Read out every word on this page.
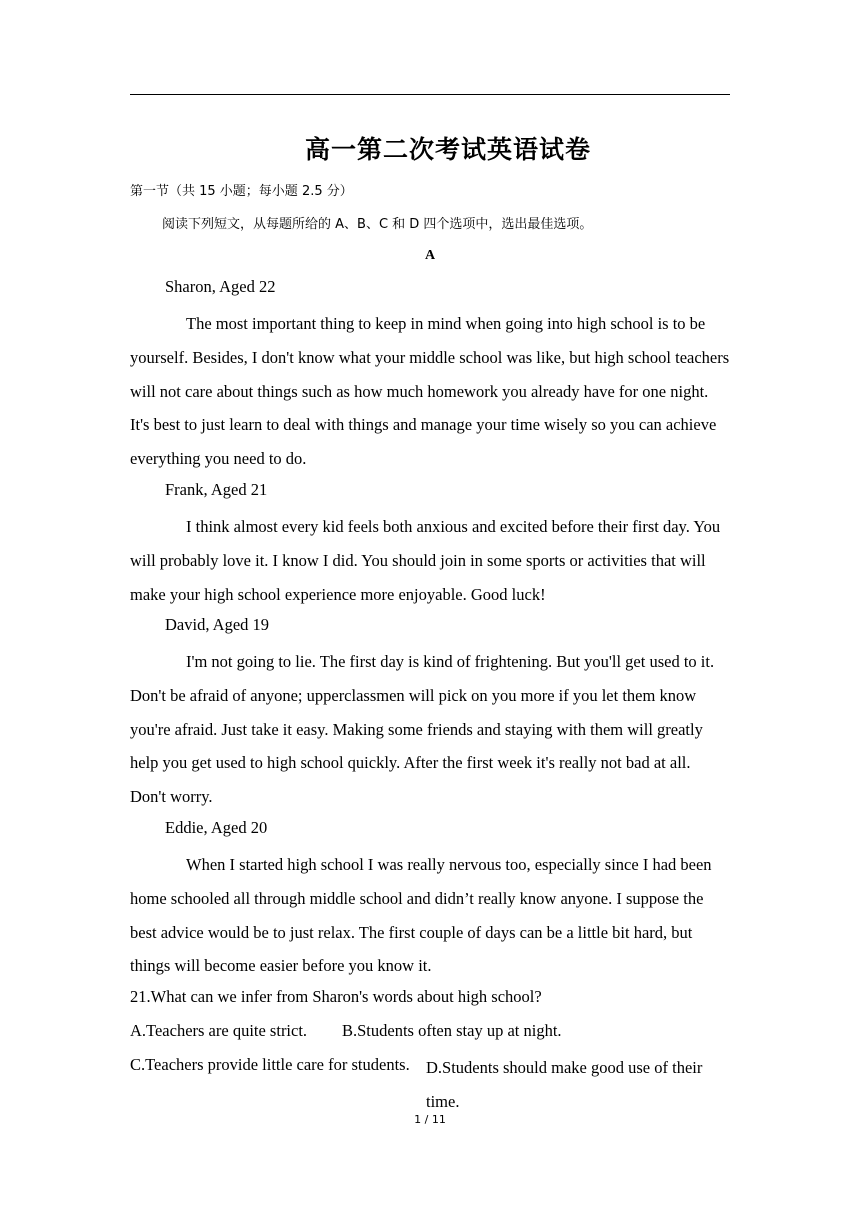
高一第二次考试英语试卷
第一节（共 15 小题；每小题 2.5 分）
阅读下列短文，从每题所给的 A、B、C 和 D 四个选项中，选出最佳选项。
A
Sharon, Aged 22

The most important thing to keep in mind when going into high school is to be yourself. Besides, I don't know what your middle school was like, but high school teachers will not care about things such as how much homework you already have for one night. It's best to just learn to deal with things and manage your time wisely so you can achieve everything you need to do.

Frank, Aged 21

I think almost every kid feels both anxious and excited before their first day. You will probably love it. I know I did. You should join in some sports or activities that will make your high school experience more enjoyable. Good luck!

David, Aged 19

I'm not going to lie. The first day is kind of frightening. But you'll get used to it. Don't be afraid of anyone; upperclassmen will pick on you more if you let them know you're afraid. Just take it easy. Making some friends and staying with them will greatly help you get used to high school quickly. After the first week it's really not bad at all. Don't worry.

Eddie, Aged 20

When I started high school I was really nervous too, especially since I had been home schooled all through middle school and didn’t really know anyone. I suppose the best advice would be to just relax. The first couple of days can be a little bit hard, but things will become easier before you know it.

21.What can we infer from Sharon's words about high school?
A.Teachers are quite strict. B.Students often stay up at night.
C.Teachers provide little care for students. D.Students should make good use of their time.
1 / 11
